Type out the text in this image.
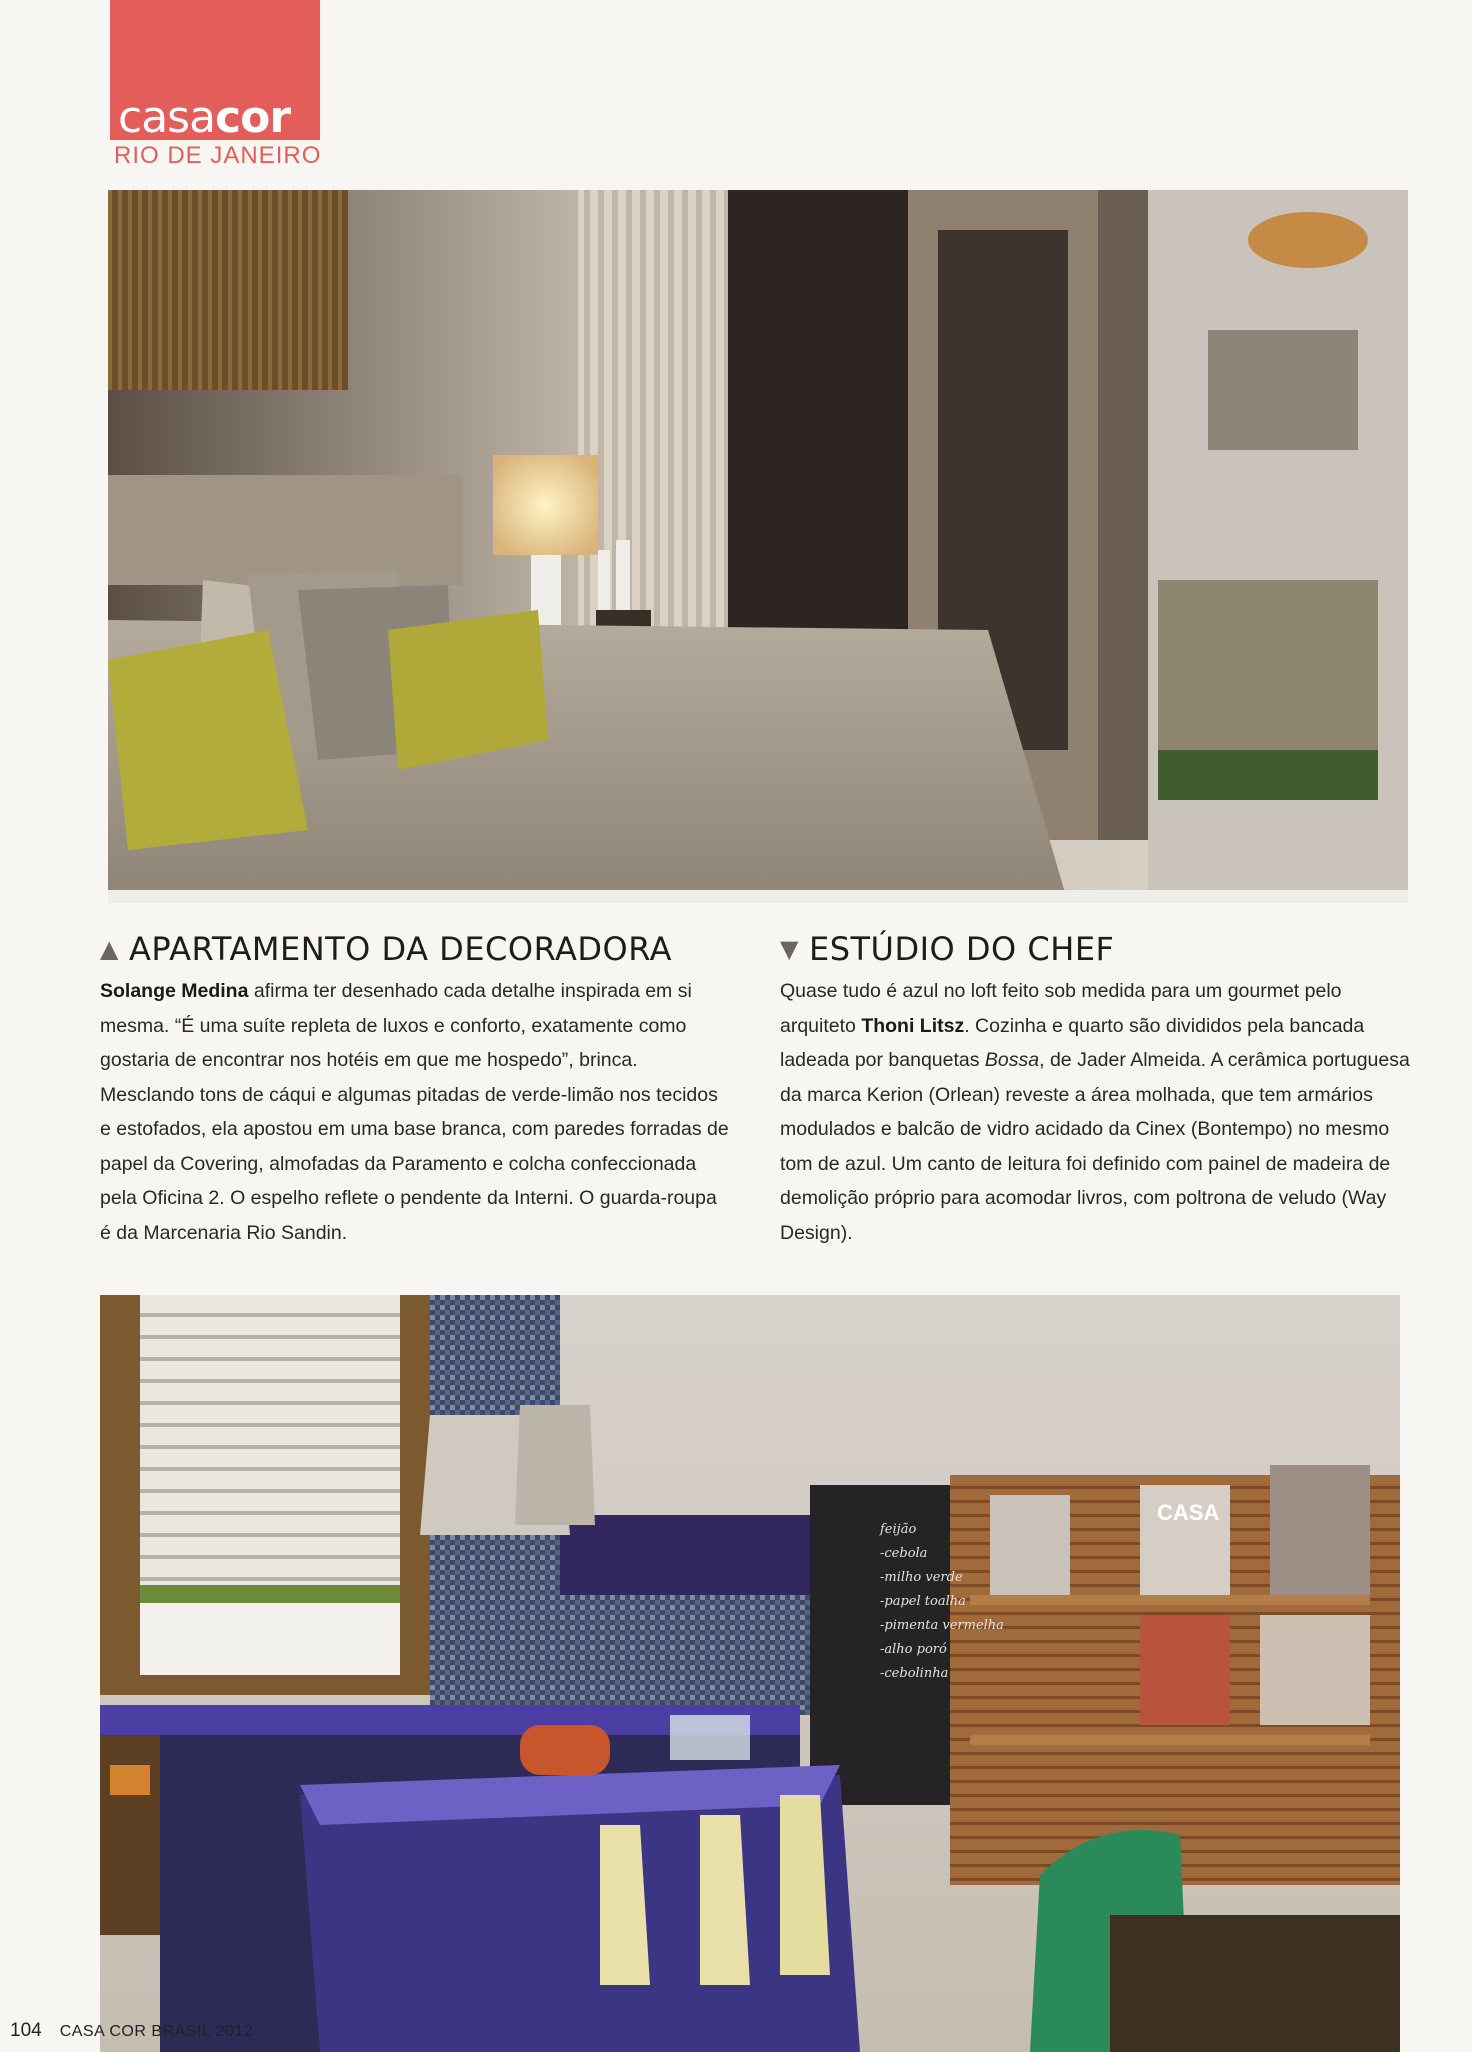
casacor
RIO DE JANEIRO
▲ APARTAMENTO DA DECORADORA

Solange Medina afirma ter desenhado cada detalhe inspirada em si mesma. “É uma suíte repleta de luxos e conforto, exatamente como gostaria de encontrar nos hotéis em que me hospedo”, brinca. Mesclando tons de cáqui e algumas pitadas de verde-limão nos tecidos e estofados, ela apostou em uma base branca, com paredes forradas de papel da Covering, almofadas da Paramento e colcha confeccionada pela Oficina 2. O espelho reflete o pendente da Interni. O guarda-roupa é da Marcenaria Rio Sandin.

▼ ESTÚDIO DO CHEF

Quase tudo é azul no loft feito sob medida para um gourmet pelo arquiteto Thoni Litsz. Cozinha e quarto são divididos pela bancada ladeada por banquetas Bossa, de Jader Almeida. A cerâmica portuguesa da marca Kerion (Orlean) reveste a área molhada, que tem armários modulados e balcão de vidro acidado da Cinex (Bontempo) no mesmo tom de azul. Um canto de leitura foi definido com painel de madeira de demolição próprio para acomodar livros, com poltrona de veludo (Way Design).

feijão
-cebola
-milho verde
-papel toalha
-pimenta vermelha
-alho poró
-cebolinha
CASA
104 CASA COR BRASIL 2012
